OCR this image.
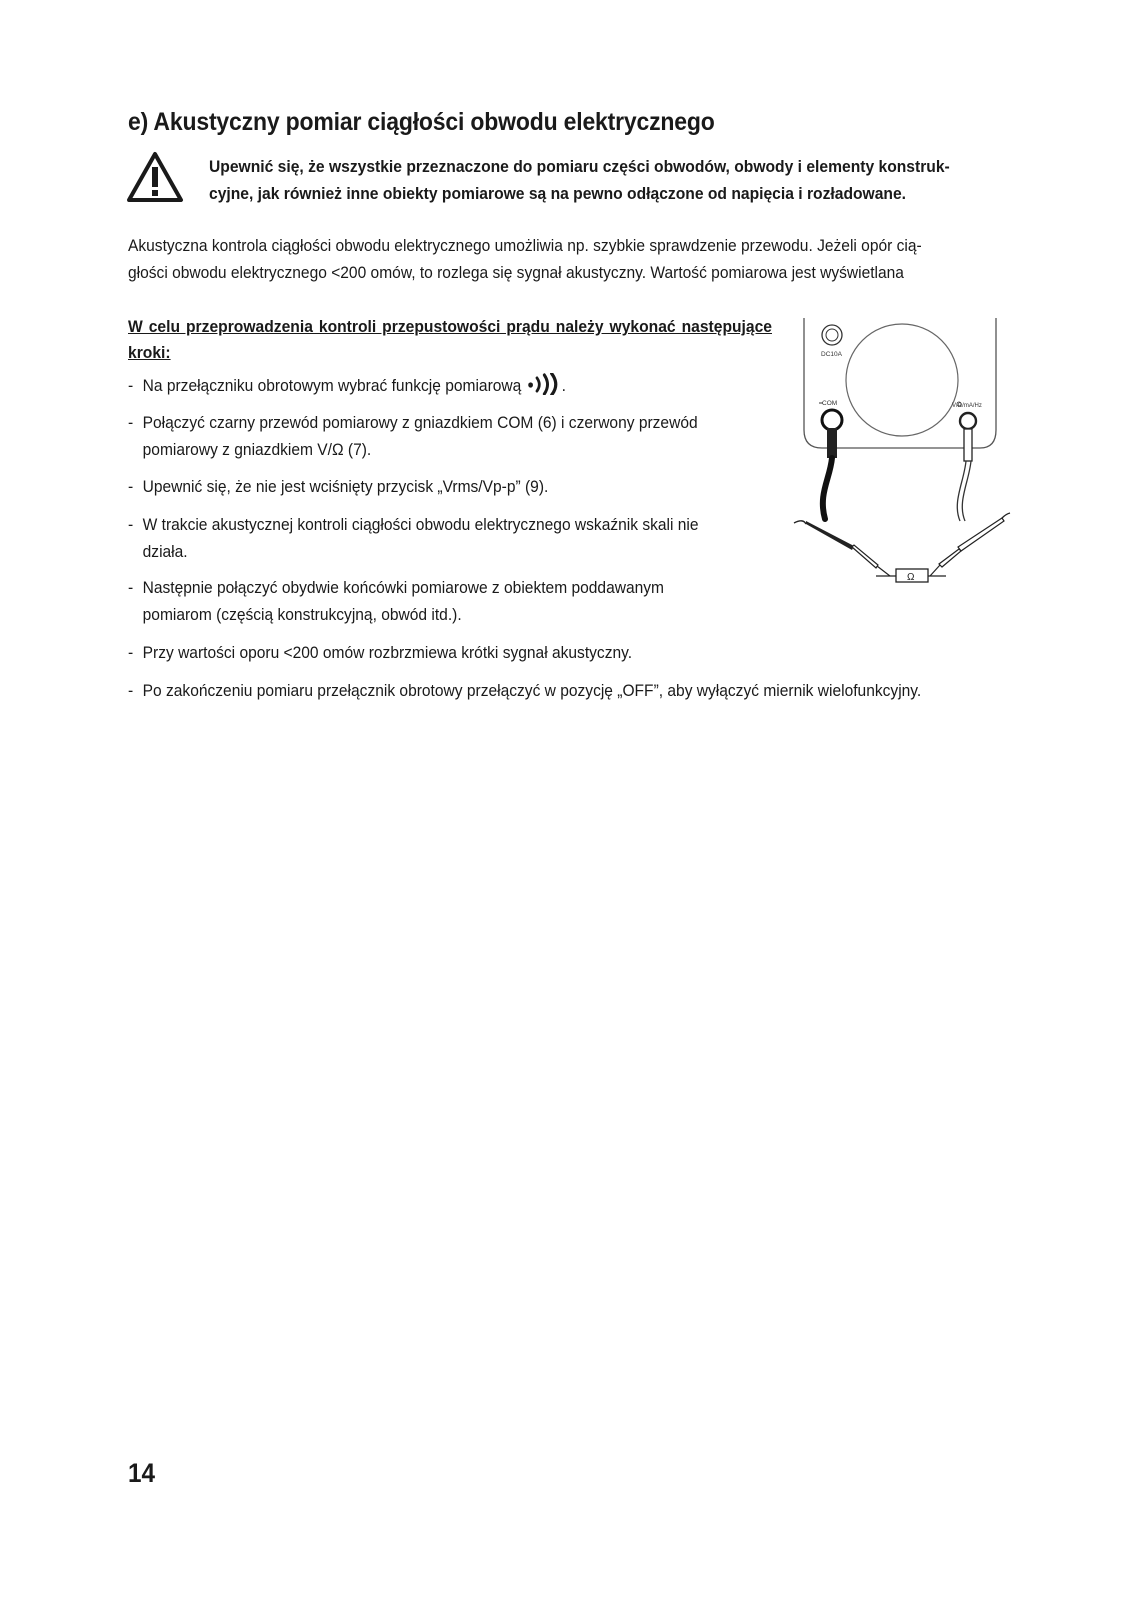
e) Akustyczny pomiar ciągłości obwodu elektrycznego
Upewnić się, że wszystkie przeznaczone do pomiaru części obwodów, obwody i elementy konstruk-
cyjne, jak również inne obiekty pomiarowe są na pewno odłączone od napięcia i rozładowane.
Akustyczna kontrola ciągłości obwodu elektrycznego umożliwia np. szybkie sprawdzenie przewodu. Jeżeli opór cią-
głości obwodu elektrycznego <200 omów, to rozlega się sygnał akustyczny. Wartość pomiarowa jest wyświetlana

W celu przeprowadzenia kontroli przepustowości prądu należy wykonać następujące kroki:

- Na przełączniku obrotowym wybrać funkcję pomiarową .
- Połączyć czarny przewód pomiarowy z gniazdkiem COM (6) i czerwony przewód
pomiarowy z gniazdkiem V/Ω (7).
- Upewnić się, że nie jest wciśnięty przycisk „Vrms/Vp-p” (9).
- W trakcie akustycznej kontroli ciągłości obwodu elektrycznego wskaźnik skali nie
działa.
- Następnie połączyć obydwie końcówki pomiarowe z obiektem poddawanym
pomiarom (częścią konstrukcyjną, obwód itd.).
- Przy wartości oporu <200 omów rozbrzmiewa krótki sygnał akustyczny.
- Po zakończeniu pomiaru przełącznik obrotowy przełączyć w pozycję „OFF”, aby wyłączyć miernik wielofunkcyjny.
DC10A
COM	V/Ω/mA/Hz
Ω
14
